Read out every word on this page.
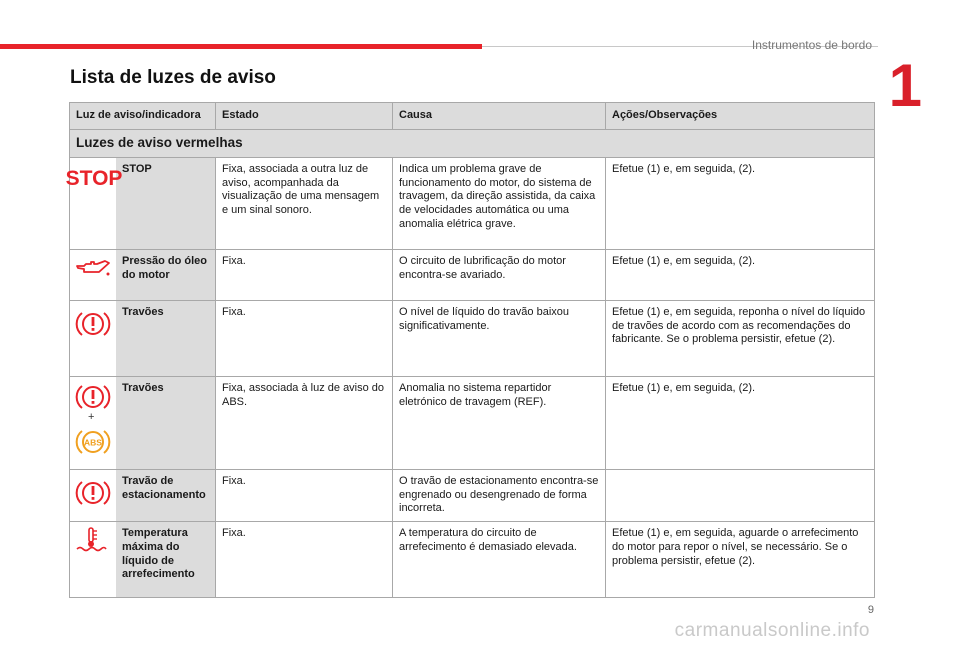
Instrumentos de bordo
1
Lista de luzes de aviso
Luz de aviso/indicadora	Estado	Causa	Ações/Observações
Luzes de aviso vermelhas			

STOP
STOP	Fixa, associada a outra luz de aviso, acompanhada da visualização de uma mensagem e um sinal sonoro.	Indica um problema grave de funcionamento do motor, do sistema de travagem, da direção assistida, da caixa de velocidades automática ou uma anomalia elétrica grave.	Efetue (1) e, em seguida, (2).

Pressão do óleo do motor	Fixa.	O circuito de lubrificação do motor encontra-se avariado.	Efetue (1) e, em seguida, (2).

Travões	Fixa.	O nível de líquido do travão baixou significativamente.	Efetue (1) e, em seguida, reponha o nível do líquido de travões de acordo com as recomendações do fabricante. Se o problema persistir, efetue (2).

Travões
+
ABS	Fixa, associada à luz de aviso do ABS.	Anomalia no sistema repartidor eletrónico de travagem (REF).	Efetue (1) e, em seguida, (2).

Travão de estacionamento	Fixa.	O travão de estacionamento encontra-se engrenado ou desengrenado de forma incorreta.	

Temperatura máxima do líquido de arrefecimento	Fixa.	A temperatura do circuito de arrefecimento é demasiado elevada.	Efetue (1) e, em seguida, aguarde o arrefecimento do motor para repor o nível, se necessário. Se o problema persistir, efetue (2).
9
carmanualsonline.info
